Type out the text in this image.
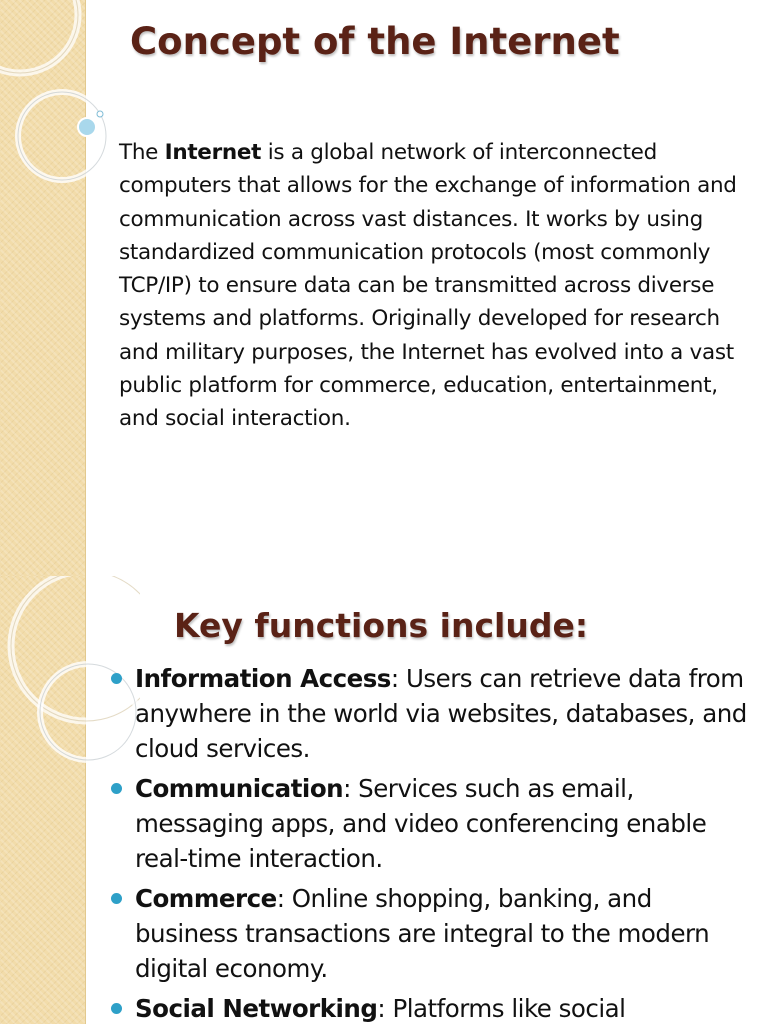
Concept of the Internet

The Internet is a global network of interconnected computers that allows for the exchange of information and communication across vast distances. It works by using standardized communication protocols (most commonly TCP/IP) to ensure data can be transmitted across diverse systems and platforms. Originally developed for research and military purposes, the Internet has evolved into a vast public platform for commerce, education, entertainment, and social interaction.

Key functions include:
Information Access: Users can retrieve data from anywhere in the world via websites, databases, and cloud services.
Communication: Services such as email, messaging apps, and video conferencing enable real-time interaction.
Commerce: Online shopping, banking, and business transactions are integral to the modern digital economy.
Social Networking: Platforms like social
